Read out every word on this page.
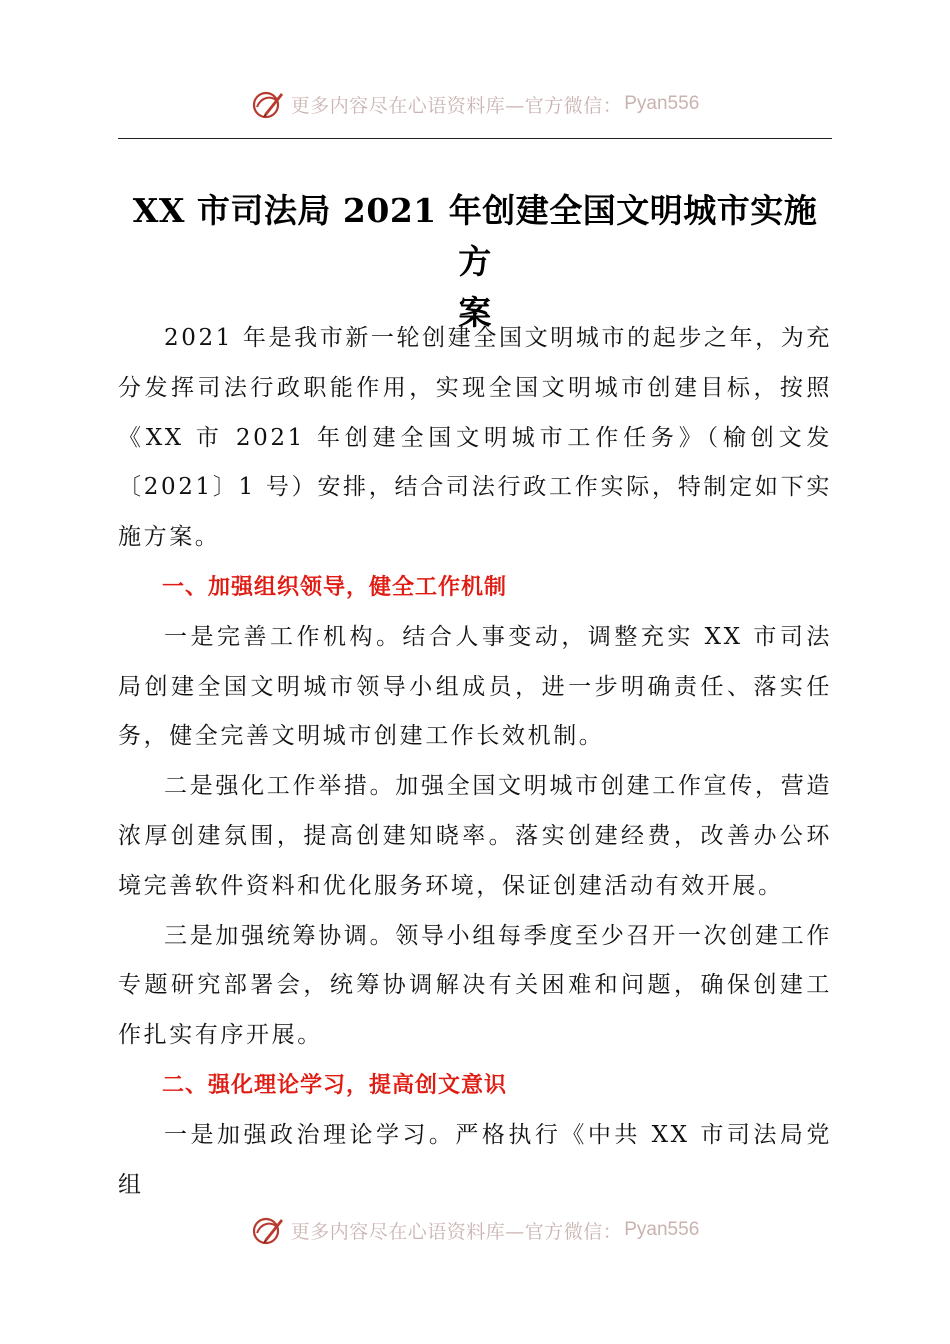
更多内容尽在心语资料库—官方微信： Pyan556
XX 市司法局 2021 年创建全国文明城市实施方
案

2021 年是我市新一轮创建全国文明城市的起步之年，为充分发挥司法行政职能作用，实现全国文明城市创建目标，按照《XX 市 2021 年创建全国文明城市工作任务》（榆创文发〔2021〕1 号）安排，结合司法行政工作实际，特制定如下实施方案。

一、加强组织领导，健全工作机制

一是完善工作机构。结合人事变动，调整充实 XX 市司法局创建全国文明城市领导小组成员，进一步明确责任、落实任务，健全完善文明城市创建工作长效机制。

二是强化工作举措。加强全国文明城市创建工作宣传，营造浓厚创建氛围，提高创建知晓率。落实创建经费，改善办公环境完善软件资料和优化服务环境，保证创建活动有效开展。

三是加强统筹协调。领导小组每季度至少召开一次创建工作专题研究部署会，统筹协调解决有关困难和问题，确保创建工作扎实有序开展。

二、强化理论学习，提高创文意识

一是加强政治理论学习。严格执行《中共 XX 市司法局党组

更多内容尽在心语资料库—官方微信： Pyan556
